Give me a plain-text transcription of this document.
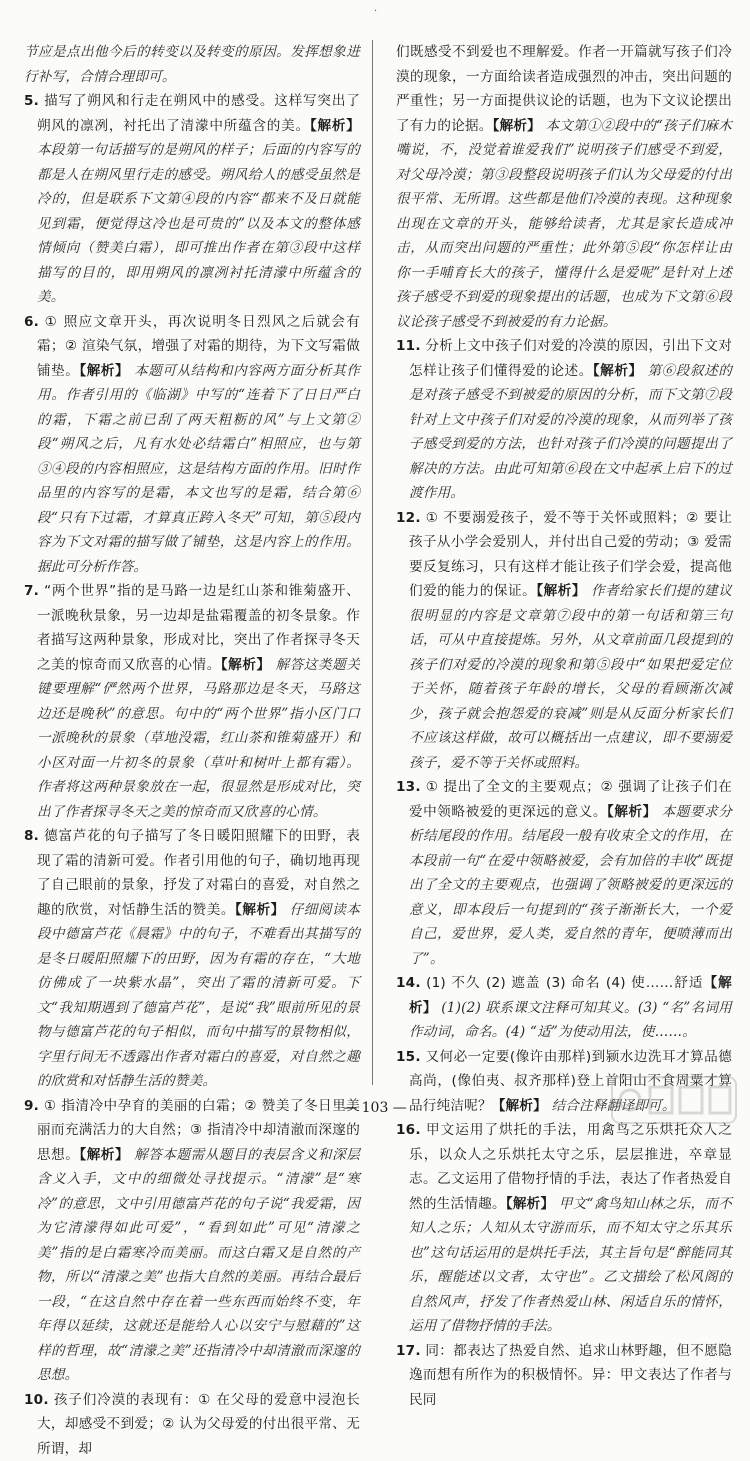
·

节应是点出他今后的转变以及转变的原因。发挥想象进行补写，合情合理即可。

5. 描写了朔风和行走在朔风中的感受。这样写突出了朔风的凛冽，衬托出了清濛中所蕴含的美。【解析】 本段第一句话描写的是朔风的样子；后面的内容写的都是人在朔风里行走的感受。朔风给人的感受虽然是冷的，但是联系下文第④段的内容“都来不及日就能见到霜，便觉得这冷也是可贵的”以及本文的整体感情倾向（赞美白霜），即可推出作者在第③段中这样描写的目的，即用朔风的凛冽衬托清濛中所蕴含的美。

6. ① 照应文章开头，再次说明冬日烈风之后就会有霜；② 渲染气氛，增强了对霜的期待，为下文写霜做铺垫。【解析】 本题可从结构和内容两方面分析其作用。作者引用的《临湖》中写的“连着下了日日严白的霜，下霜之前已刮了两天粗粝的风”与上文第②段“朔风之后，凡有水处必结霜白”相照应，也与第③④段的内容相照应，这是结构方面的作用。旧时作品里的内容写的是霜，本文也写的是霜，结合第⑥段“只有下过霜，才算真正跨入冬天”可知，第⑤段内容为下文对霜的描写做了铺垫，这是内容上的作用。据此可分析作答。

7. “两个世界”指的是马路一边是红山茶和锥菊盛开、一派晚秋景象，另一边却是盐霜覆盖的初冬景象。作者描写这两种景象，形成对比，突出了作者探寻冬天之美的惊奇而又欣喜的心情。【解析】 解答这类题关键要理解“俨然两个世界，马路那边是冬天，马路这边还是晚秋”的意思。句中的“两个世界”指小区门口一派晚秋的景象（草地没霜，红山茶和锥菊盛开）和小区对面一片初冬的景象（草叶和树叶上都有霜）。作者将这两种景象放在一起，很显然是形成对比，突出了作者探寻冬天之美的惊奇而又欣喜的心情。

8. 德富芦花的句子描写了冬日暖阳照耀下的田野，表现了霜的清新可爱。作者引用他的句子，确切地再现了自己眼前的景象，抒发了对霜白的喜爱，对自然之趣的欣赏，对恬静生活的赞美。【解析】 仔细阅读本段中德富芦花《晨霜》中的句子，不难看出其描写的是冬日暖阳照耀下的田野，因为有霜的存在，“大地仿佛成了一块紫水晶”，突出了霜的清新可爱。下文“我知期遇到了德富芦花”，是说“我”眼前所见的景物与德富芦花的句子相似，而句中描写的景物相似，字里行间无不透露出作者对霜白的喜爱，对自然之趣的欣赏和对恬静生活的赞美。

9. ① 指清冷中孕育的美丽的白霜；② 赞美了冬日里美丽而充满活力的大自然；③ 指清冷中却清澈而深邃的思想。【解析】 解答本题需从题目的表层含义和深层含义入手，文中的细微处寻找提示。“清濛”是“寒冷”的意思，文中引用德富芦花的句子说“我爱霜，因为它清濛得如此可爱”，“看到如此”可见“清濛之美”指的是白霜寒冷而美丽。而这白霜又是自然的产物，所以“清濛之美”也指大自然的美丽。再结合最后一段，“在这自然中存在着一些东西而始终不变，年年得以延续，这就还是能给人心以安宁与慰藉的”这样的哲理，故“清濛之美”还指清冷中却清澈而深邃的思想。

10. 孩子们冷漠的表现有：① 在父母的爱意中浸泡长大，却感受不到爱；② 认为父母爱的付出很平常、无所谓，却

们既感受不到爱也不理解爱。作者一开篇就写孩子们冷漠的现象，一方面给读者造成强烈的冲击，突出问题的严重性；另一方面提供议论的话题，也为下文议论摆出了有力的论据。【解析】 本文第①②段中的“孩子们麻木嘴说，不，没觉着谁爱我们”说明孩子们感受不到爱，对父母冷漠；第③段整段说明孩子们认为父母爱的付出很平常、无所谓。这些都是他们冷漠的表现。这种现象出现在文章的开头，能够给读者，尤其是家长造成冲击，从而突出问题的严重性；此外第⑤段“你怎样让由你一手哺育长大的孩子，懂得什么是爱呢”是针对上述孩子感受不到爱的现象提出的话题，也成为下文第⑥段议论孩子感受不到被爱的有力论据。

11. 分析上文中孩子们对爱的冷漠的原因，引出下文对怎样让孩子们懂得爱的论述。【解析】 第⑥段叙述的是对孩子感受不到被爱的原因的分析，而下文第⑦段针对上文中孩子们对爱的冷漠的现象，从而列举了孩子感受到爱的方法，也针对孩子们冷漠的问题提出了解决的方法。由此可知第⑥段在文中起承上启下的过渡作用。

12. ① 不要溺爱孩子，爱不等于关怀或照料；② 要让孩子从小学会爱别人，并付出自己爱的劳动；③ 爱需要反复练习，只有这样才能让孩子们学会爱，提高他们爱的能力的保证。【解析】 作者给家长们提的建议很明显的内容是文章第⑦段中的第一句话和第三句话，可从中直接提炼。另外，从文章前面几段提到的孩子们对爱的冷漠的现象和第⑤段中“如果把爱定位于关怀，随着孩子年龄的增长，父母的看顾渐次减少，孩子就会抱怨爱的衰减”则是从反面分析家长们不应该这样做，故可以概括出一点建议，即不要溺爱孩子，爱不等于关怀或照料。

13. ① 提出了全文的主要观点；② 强调了让孩子们在爱中领略被爱的更深远的意义。【解析】 本题要求分析结尾段的作用。结尾段一般有收束全文的作用，在本段前一句“在爱中领略被爱，会有加倍的丰收”既提出了全文的主要观点，也强调了领略被爱的更深远的意义，即本段后一句提到的“孩子渐渐长大，一个爱自己，爱世界，爱人类，爱自然的青年，便喷薄而出了”。

14. (1) 不久 (2) 遮盖 (3) 命名 (4) 使……舒适【解析】 (1)(2) 联系课文注释可知其义。(3) “名”名词用作动词，命名。(4) “适”为使动用法，使……。

15. 又何必一定要(像许由那样)到颍水边洗耳才算品德高尚，(像伯夷、叔齐那样)登上首阳山不食周粟才算品行纯洁呢？【解析】 结合注释翻译即可。

16. 甲文运用了烘托的手法，用禽鸟之乐烘托众人之乐，以众人之乐烘托太守之乐，层层推进，卒章显志。乙文运用了借物抒情的手法，表达了作者热爱自然的生活情趣。【解析】 甲文“禽鸟知山林之乐，而不知人之乐；人知从太守游而乐，而不知太守之乐其乐也”这句话运用的是烘托手法，其主旨句是“醉能同其乐，醒能述以文者，太守也”。乙文描绘了松风阁的自然风声，抒发了作者热爱山林、闲适自乐的情怀，运用了借物抒情的手法。

17. 同：都表达了热爱自然、追求山林野趣，但不愿隐逸而想有所作为的积极情怀。异：甲文表达了作者与民同

— 103 —
